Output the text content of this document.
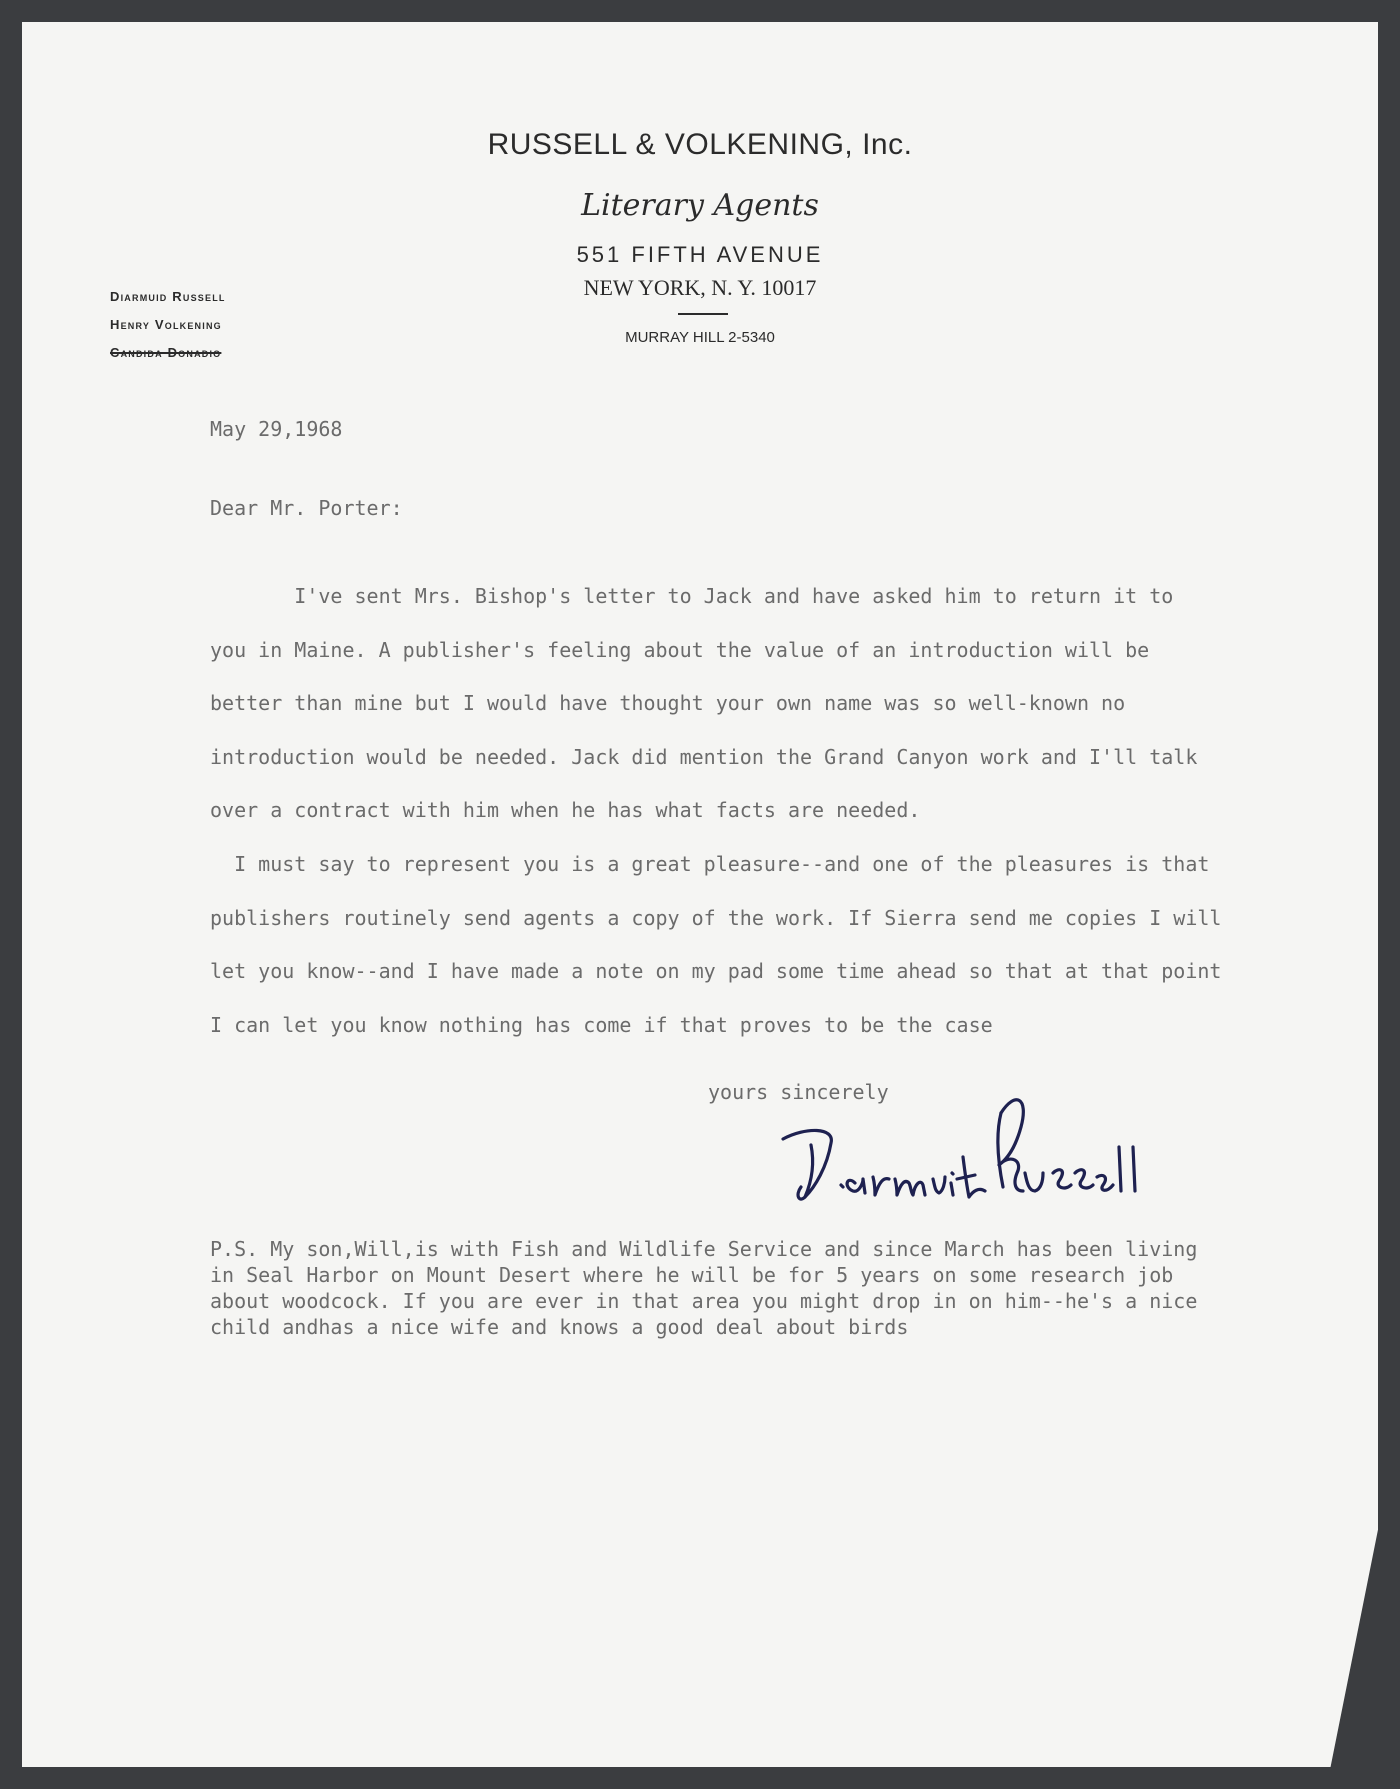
RUSSELL & VOLKENING, Inc.
Literary Agents
551 FIFTH AVENUE
NEW YORK, N. Y. 10017
MURRAY HILL 2-5340
Diarmuid Russell
Henry Volkening
Candida Donadio
May 29,1968
Dear Mr. Porter:
I've sent Mrs. Bishop's letter to Jack and have asked him to return it to
you in Maine. A publisher's feeling about the value of an introduction will be
better than mine but I would have thought your own name was so well-known no
introduction would be needed. Jack did mention the Grand Canyon work and I'll talk
over a contract with him when he has what facts are needed.
I must say to represent you is a great pleasure--and one of the pleasures is that
publishers routinely send agents a copy of the work. If Sierra send me copies I will
let you know--and I have made a note on my pad some time ahead so that at that point
I can let you know nothing has come if that proves to be the case
yours sincerely
P.S. My son,Will,is with Fish and Wildlife Service and since March has been living
in Seal Harbor on Mount Desert where he will be for 5 years on some research job
about woodcock. If you are ever in that area you might drop in on him--he's a nice
child andhas a nice wife and knows a good deal about birds
